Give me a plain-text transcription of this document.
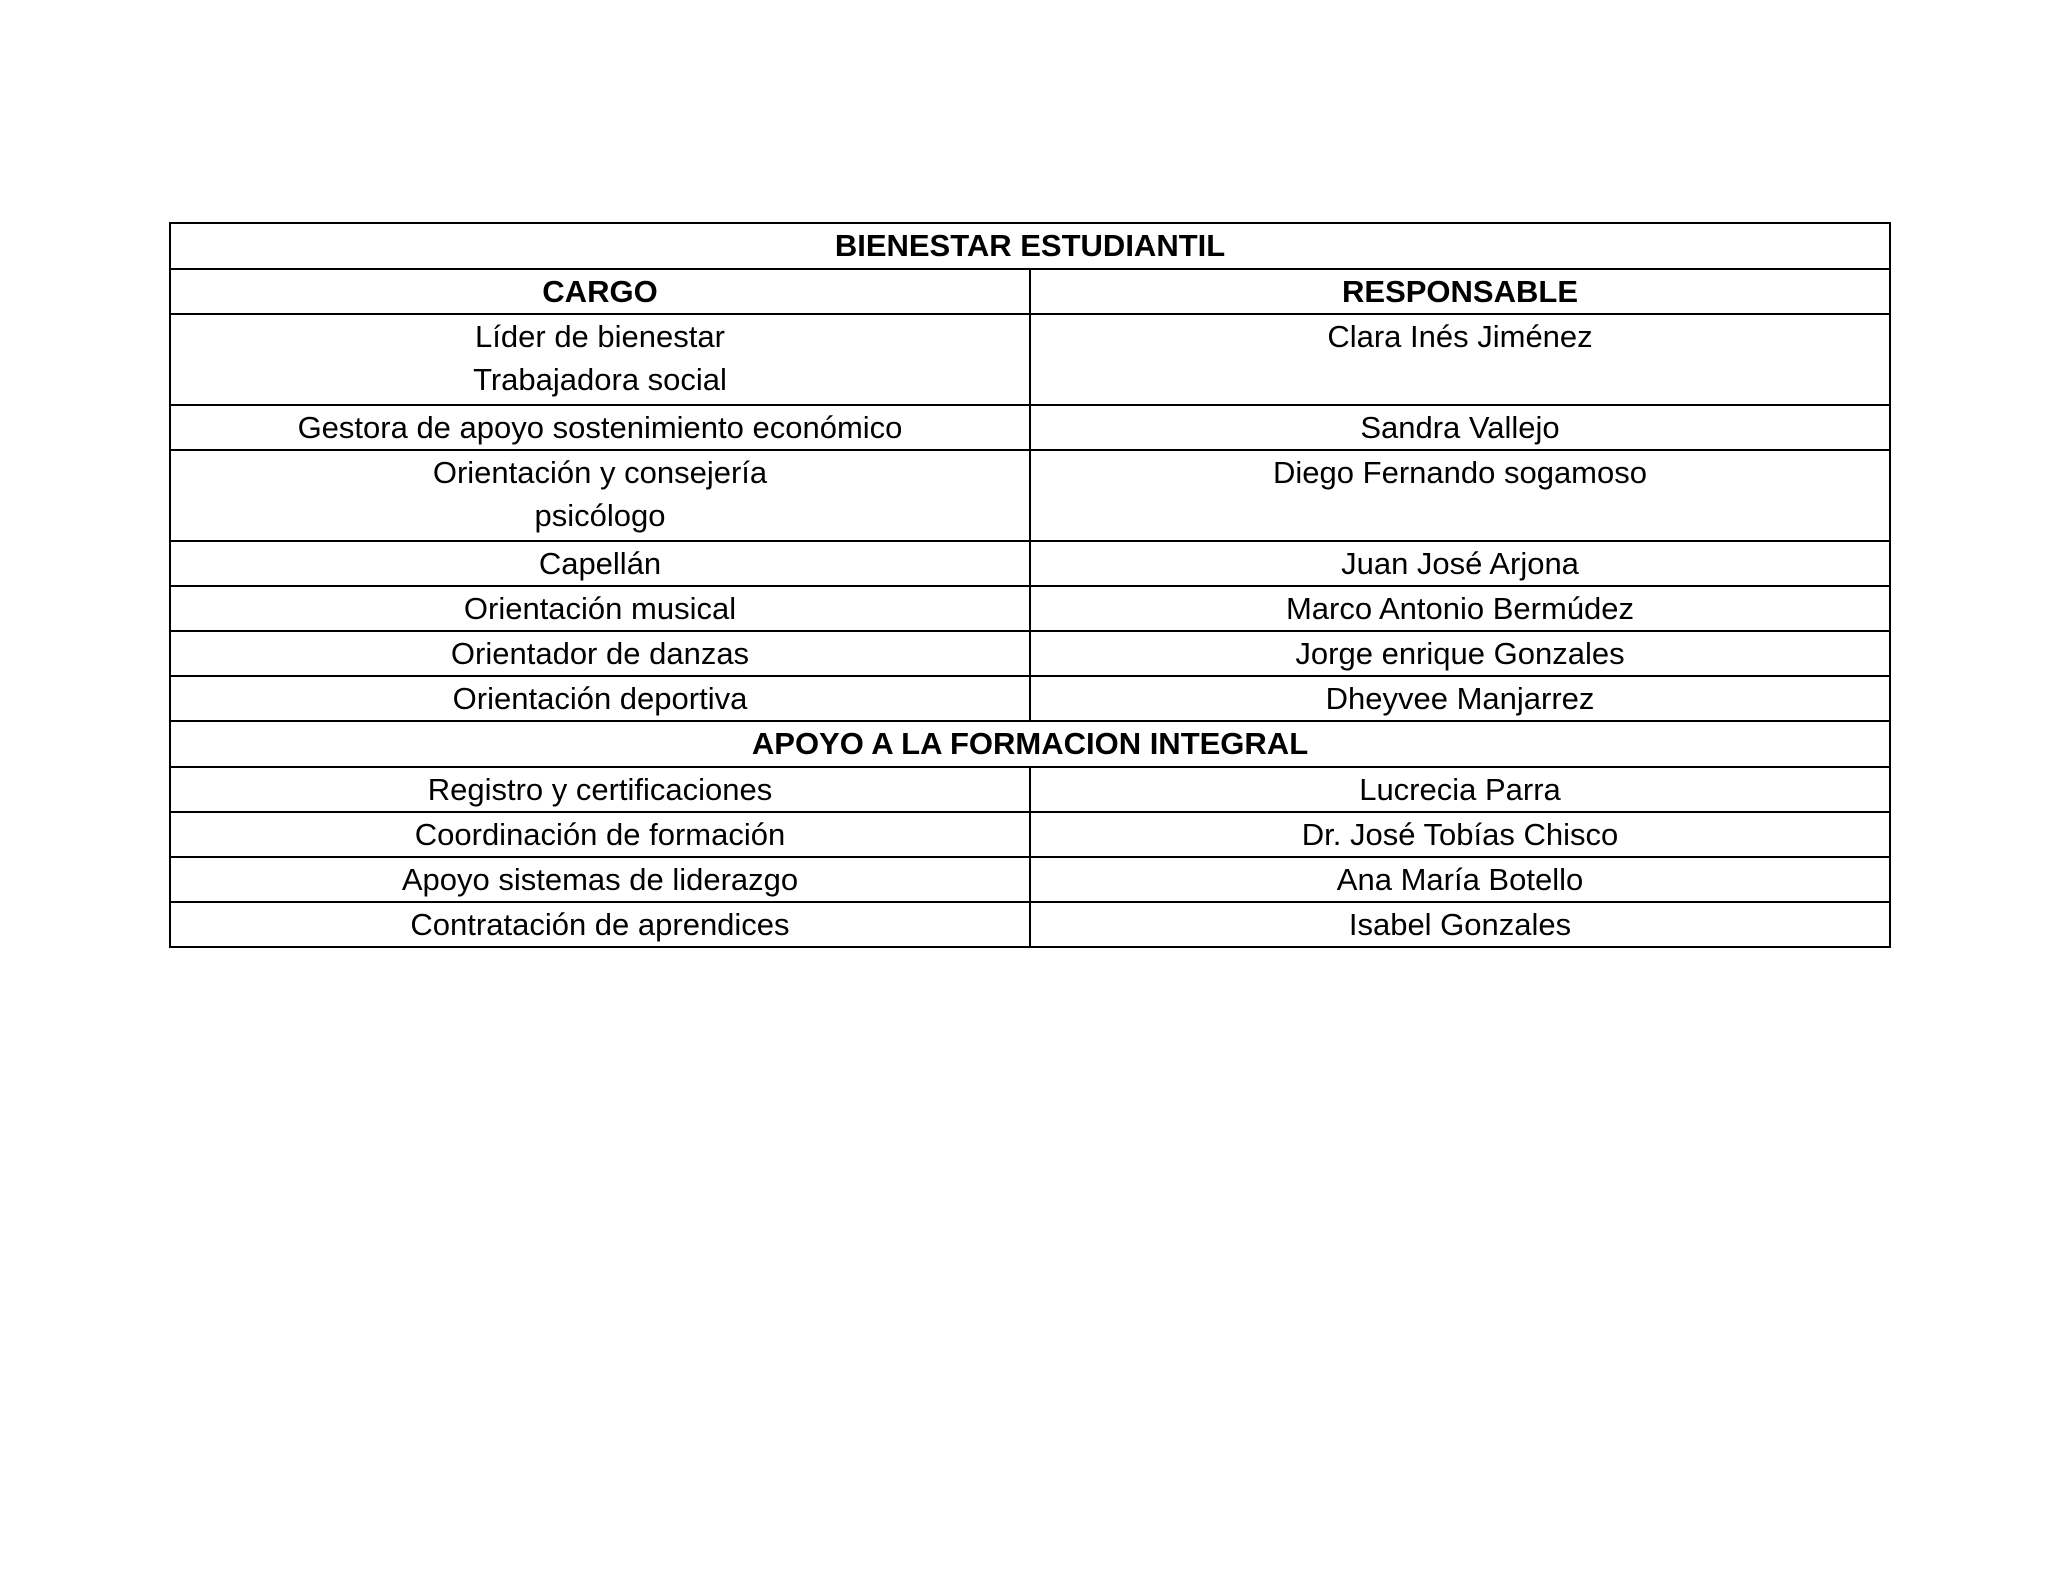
BIENESTAR ESTUDIANTIL	
CARGO	RESPONSABLE

Líder de bienestar
Trabajadora social	Clara Inés Jiménez
Gestora de apoyo sostenimiento económico	Sandra Vallejo

Orientación y consejería
psicólogo	Diego Fernando sogamoso
Capellán	Juan José Arjona
Orientación musical	Marco Antonio Bermúdez
Orientador de danzas	Jorge enrique Gonzales
Orientación deportiva	Dheyvee Manjarrez
APOYO A LA FORMACION INTEGRAL	
Registro y certificaciones	Lucrecia Parra
Coordinación de formación	Dr. José Tobías Chisco
Apoyo sistemas de liderazgo	Ana María Botello
Contratación de aprendices	Isabel Gonzales
